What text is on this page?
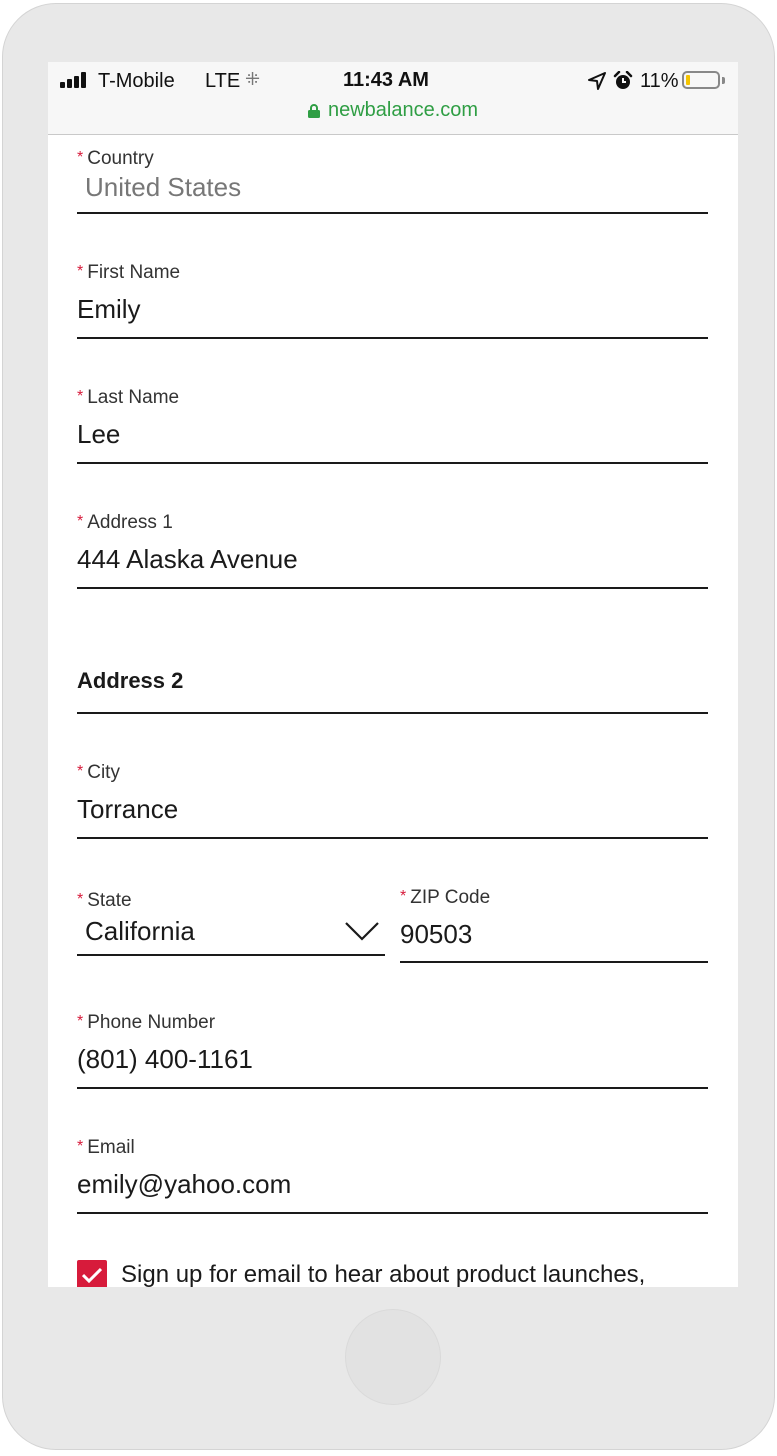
T-Mobile LTE ⁜	11:43 AM	11%
newbalance.com
* Country
United States
* First Name
Emily
* Last Name
Lee
* Address 1
444 Alaska Avenue
Address 2
* City
Torrance
* State
California
* ZIP Code
90503
* Phone Number
(801) 400-1161
* Email
emily@yahoo.com
Sign up for email to hear about product launches,
